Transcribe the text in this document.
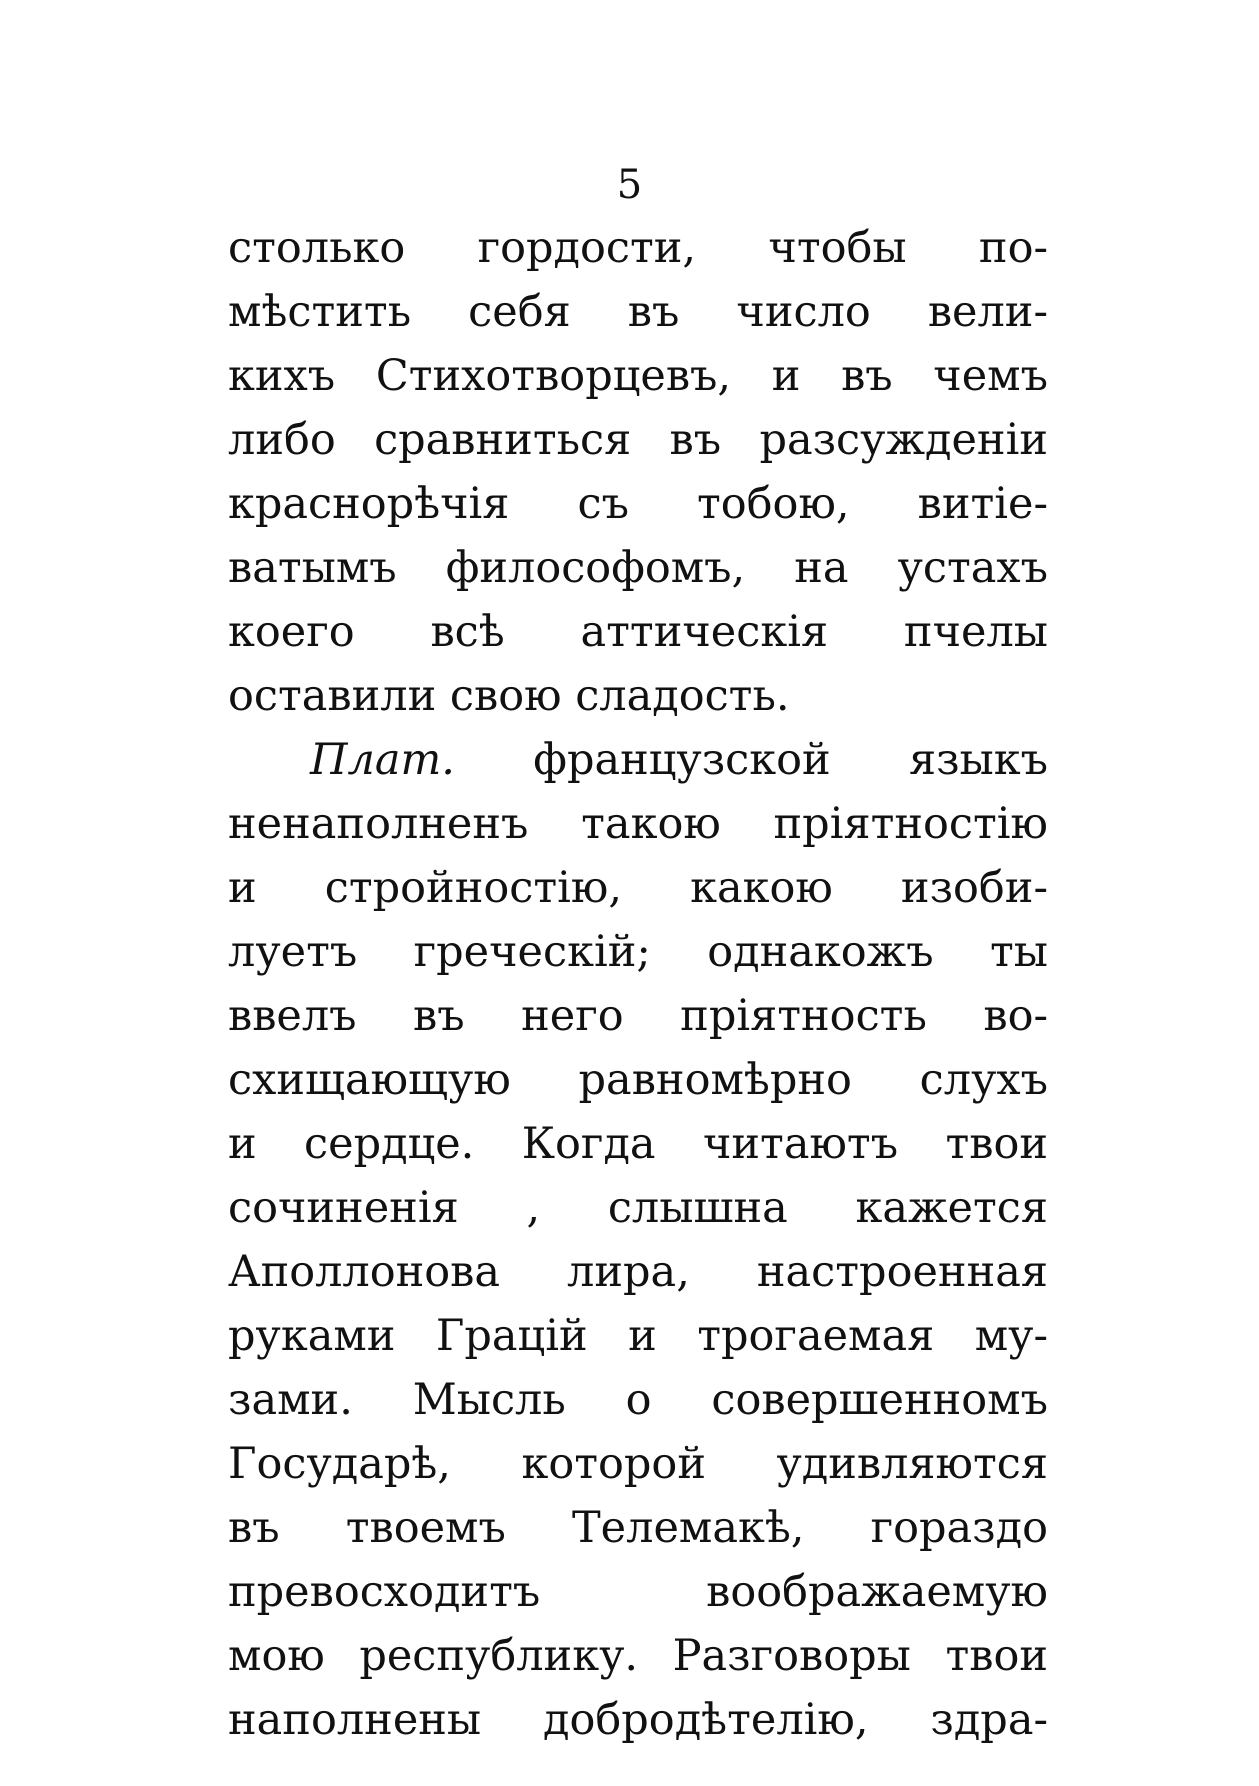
5
столько гордости, чтобы по-
мѣстить себя въ число вели-
кихъ Стихотворцевъ, и въ чемъ
либо сравниться въ разсужденіи
краснорѣчія съ тобою, витіе-
ватымъ философомъ, на устахъ
коего всѣ аттическія пчелы
оставили свою сладость.
Плат. французской языкъ
ненаполненъ такою пріятностію
и стройностію, какою изоби-
луетъ греческій; однакожъ ты
ввелъ въ него пріятность во-
схищающую равномѣрно слухъ
и сердце. Когда читаютъ твои
сочиненія , слышна кажется
Аполлонова лира, настроенная
руками Грацій и трогаемая му-
зами. Мысль о совершенномъ
Государѣ, которой удивляются
въ твоемъ Телемакѣ, гораздо
превосходитъ воображаемую
мою республику. Разговоры твои
наполнены добродѣтелію, здра-
